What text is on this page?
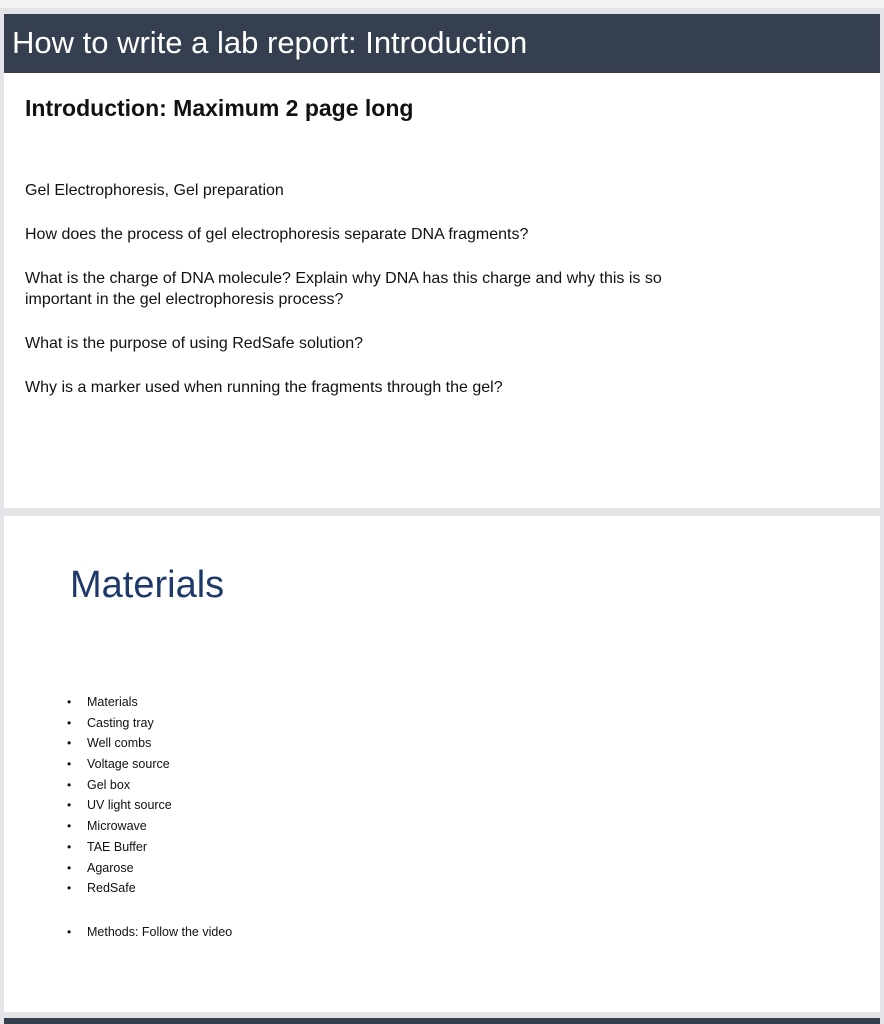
How to write a lab report: Introduction
Introduction: Maximum 2 page long
Gel Electrophoresis, Gel preparation
How does the process of gel electrophoresis separate DNA fragments?
What is the charge of DNA molecule? Explain why DNA has this charge and why this is so important in the gel electrophoresis process?
What is the purpose of using RedSafe solution?
Why is a marker used when running the fragments through the gel?
Materials
•	Materials
•	Casting tray
•	Well combs
•	Voltage source
•	Gel box
•	UV light source
•	Microwave
•	TAE Buffer
•	Agarose
•	RedSafe
•	Methods: Follow the video
